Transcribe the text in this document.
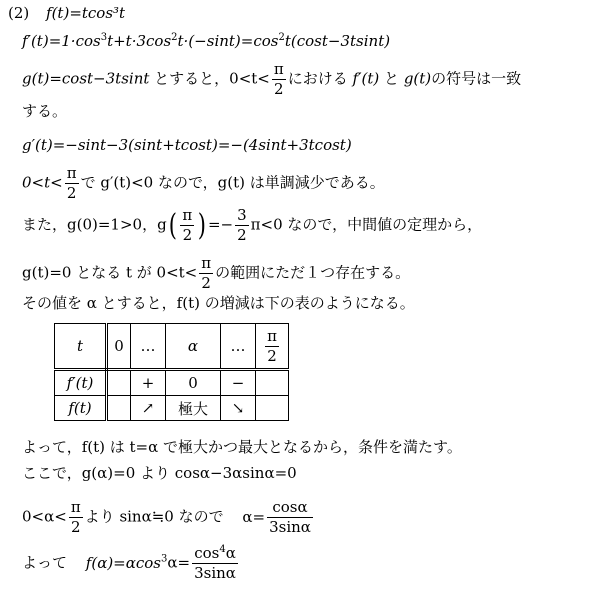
(2) f(t)=tcos³t
$f'(t)=1\cdot\cos^3t+t\cdot 3\cos^2t\cdot(-\sin t)=\cos^2t(\cos t-3tsint)$
g(t)=cost−3tsint とすると，$0<t< \frac{\pi}{2}$ における f′(t) と g(t)の符号は一致
する。
g′(t)=−sint−3(sint+tcost)=−(4sint+3tcost)
$0<t< \frac{\pi}{2}$ で g′(t)<0 なので，g(t) は単調減少である。
また，g(0)=1>0，$g( \frac{\pi}{2}$ ) =− $\frac{3}{2} \pi<0$ なので，中間値の定理から，
g(t)=0 となる t が $0<t< \frac{\pi}{2}$ の範囲にただ１つ存在する。
その値を α とすると，f(t) の増減は下の表のようになる。
t	0	…	α	…	$\frac{\pi}{2}$

f′(t)		+	0	−	
f(t)		↗	極大	↘	
よって，f(t) は t=α で極大かつ最大となるから，条件を満たす。
ここで，g(α)=0 より cosα−3αsinα=0
$0<\alpha< \frac{\pi}{2}$ より sinα≒0 なので $\alpha= \frac{\cos\alpha}{3\sin\alpha}$
よって $f(\alpha)=\alpha\cos^3\alpha= \frac{\cos^4\alpha}{3\sin\alpha}$
